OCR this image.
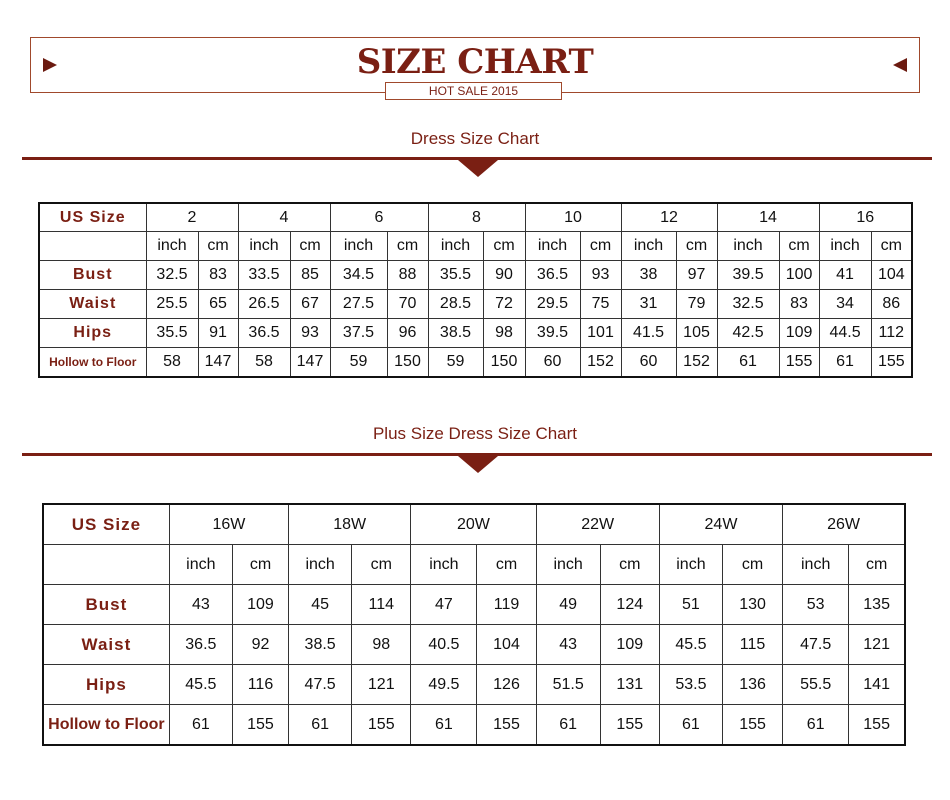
SIZE CHART
HOT SALE 2015
Dress Size Chart
US Size	2		4		6		8		10		12		14		16	
	inch	cm	inch	cm	inch	cm	inch	cm	inch	cm	inch	cm	inch	cm	inch	cm
Bust	32.5	83	33.5	85	34.5	88	35.5	90	36.5	93	38	97	39.5	100	41	104
Waist	25.5	65	26.5	67	27.5	70	28.5	72	29.5	75	31	79	32.5	83	34	86
Hips	35.5	91	36.5	93	37.5	96	38.5	98	39.5	101	41.5	105	42.5	109	44.5	112
Hollow to Floor	58	147	58	147	59	150	59	150	60	152	60	152	61	155	61	155
Plus Size Dress Size Chart
US Size	16W		18W		20W		22W		24W		26W	
	inch	cm	inch	cm	inch	cm	inch	cm	inch	cm	inch	cm
Bust	43	109	45	114	47	119	49	124	51	130	53	135
Waist	36.5	92	38.5	98	40.5	104	43	109	45.5	115	47.5	121
Hips	45.5	116	47.5	121	49.5	126	51.5	131	53.5	136	55.5	141
Hollow to Floor	61	155	61	155	61	155	61	155	61	155	61	155
